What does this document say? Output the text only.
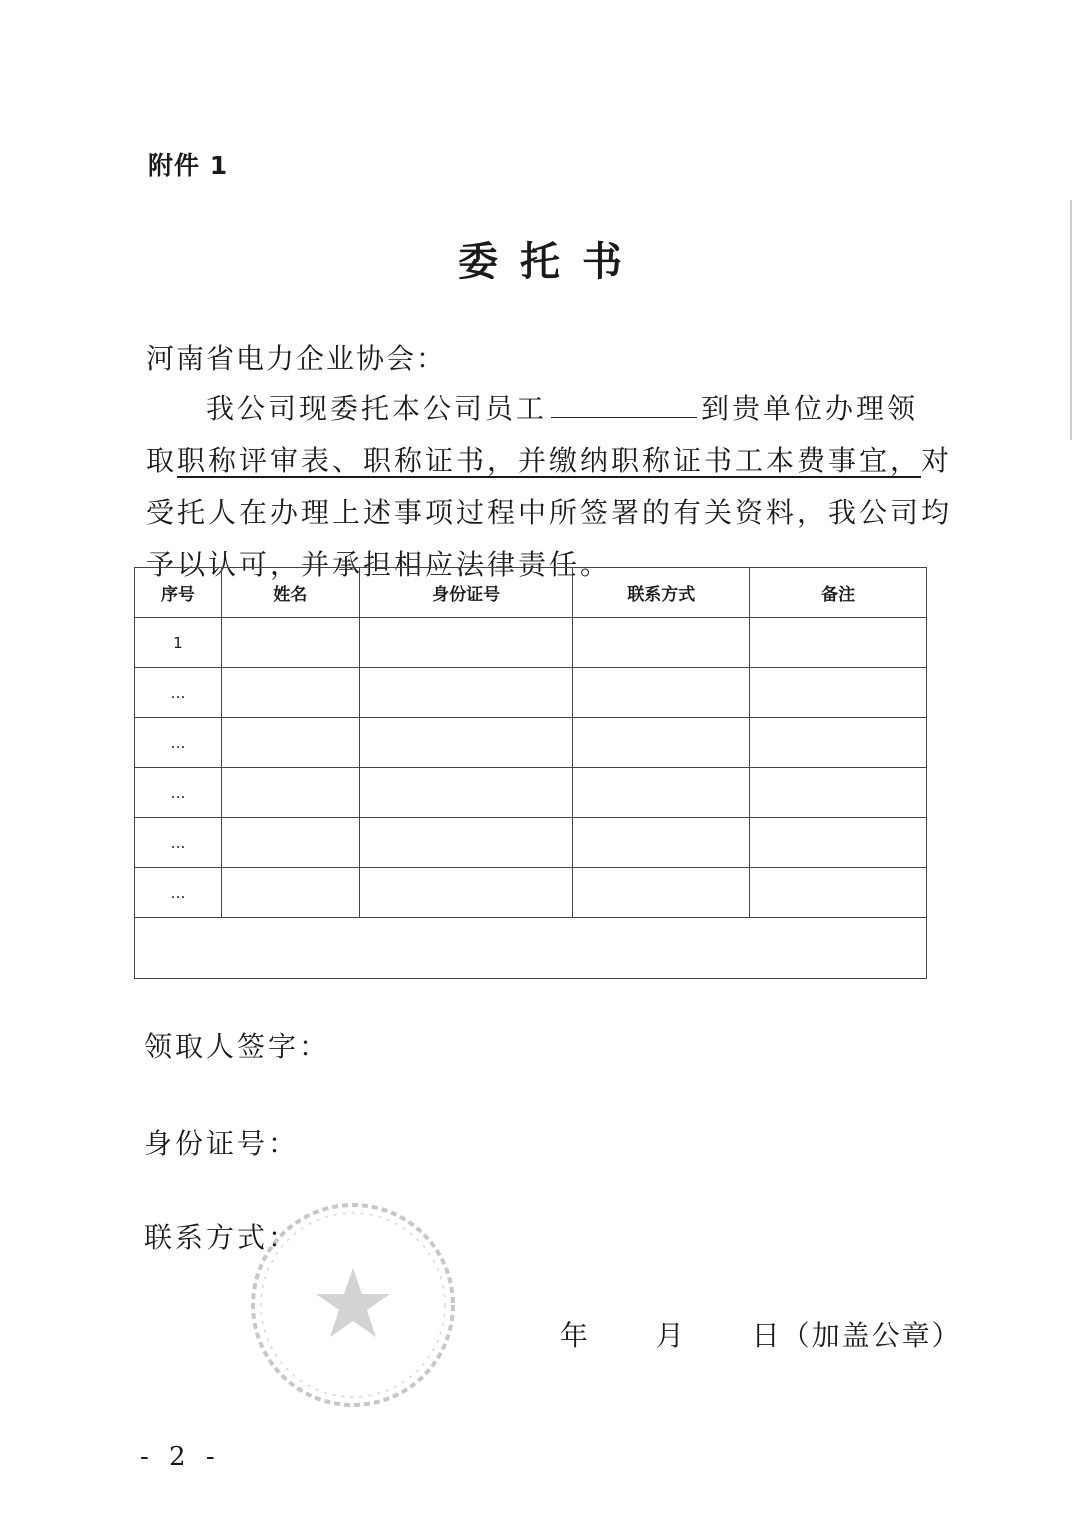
附件 1
委托书
河南省电力企业协会：
我公司现委托本公司员工	到贵单位办理领
取职称评审表、职称证书，并缴纳职称证书工本费事宜，对
受托人在办理上述事项过程中所签署的有关资料，我公司均
予以认可，并承担相应法律责任。
序号	姓名	身份证号	联系方式	备注
1				
…				
…				
…				
…				
…				

领取人签字：
身份证号：
联系方式：
年 月 日（加盖公章）
- 2 -
